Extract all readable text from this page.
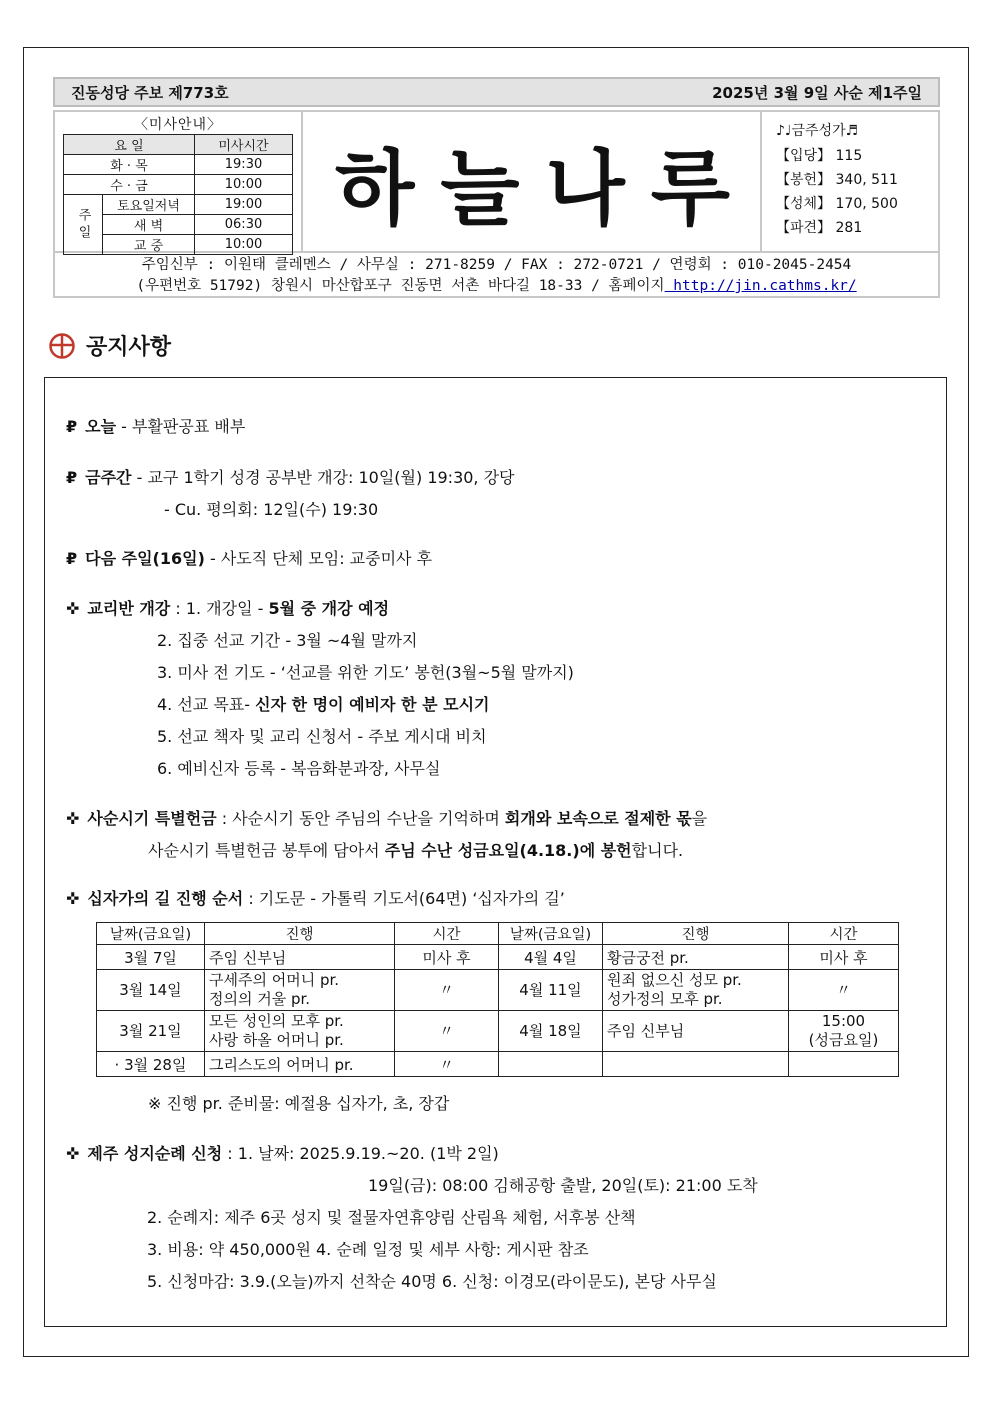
진동성당 주보 제773호	2025년 3월 9일 사순 제1주일
〈미사안내〉
요 일		미사시간
화 · 목		19:30
수 · 금		10:00
주일	토요일저녁	19:00
	새 벽	06:30
	교 중	10:00
하늘나루
♪♩금주성가♬
【입당】 115
【봉헌】 340, 511
【성체】 170, 500
【파견】 281
주임신부 : 이원태 클레멘스 / 사무실 : 271-8259 / FAX : 272-0721 / 연령회 : 010-2045-2454
(우편번호 51792) 창원시 마산합포구 진동면 서촌 바다길 18-33 / 홈페이지 http://jin.cathms.kr/
공지사항
₽ 오늘 - 부활판공표 배부
₽ 금주간 - 교구 1학기 성경 공부반 개강: 10일(월) 19:30, 강당
- Cu. 평의회: 12일(수) 19:30
₽ 다음 주일(16일) - 사도직 단체 모임: 교중미사 후
✜ 교리반 개강 : 1. 개강일 - 5월 중 개강 예정
2. 집중 선교 기간 - 3월 ~4월 말까지
3. 미사 전 기도 - ‘선교를 위한 기도’ 봉헌(3월~5월 말까지)
4. 선교 목표- 신자 한 명이 예비자 한 분 모시기
5. 선교 책자 및 교리 신청서 - 주보 게시대 비치
6. 예비신자 등록 - 복음화분과장, 사무실
✜ 사순시기 특별헌금 : 사순시기 동안 주님의 수난을 기억하며 회개와 보속으로 절제한 몫을
사순시기 특별헌금 봉투에 담아서 주님 수난 성금요일(4.18.)에 봉헌합니다.
✜ 십자가의 길 진행 순서 : 기도문 - 가톨릭 기도서(64면) ‘십자가의 길’
날짜(금요일)	진행	시간	날짜(금요일)	진행	시간
3월 7일	주임 신부님	미사 후	4월 4일	황금궁전 pr.	미사 후
3월 14일	구세주의 어머니 pr.
정의의 거울 pr.	〃	4월 11일	원죄 없으신 성모 pr.
성가정의 모후 pr.	〃
3월 21일	모든 성인의 모후 pr.
사랑 하올 어머니 pr.	〃	4월 18일	주임 신부님	15:00
(성금요일)
· 3월 28일	그리스도의 어머니 pr.	〃			
※ 진행 pr. 준비물: 예절용 십자가, 초, 장갑
✜ 제주 성지순례 신청 : 1. 날짜: 2025.9.19.~20. (1박 2일)
19일(금): 08:00 김해공항 출발, 20일(토): 21:00 도착
2. 순례지: 제주 6곳 성지 및 절물자연휴양림 산림욕 체험, 서후봉 산책
3. 비용: 약 450,000원 4. 순례 일정 및 세부 사항: 게시판 참조
5. 신청마감: 3.9.(오늘)까지 선착순 40명 6. 신청: 이경모(라이문도), 본당 사무실
